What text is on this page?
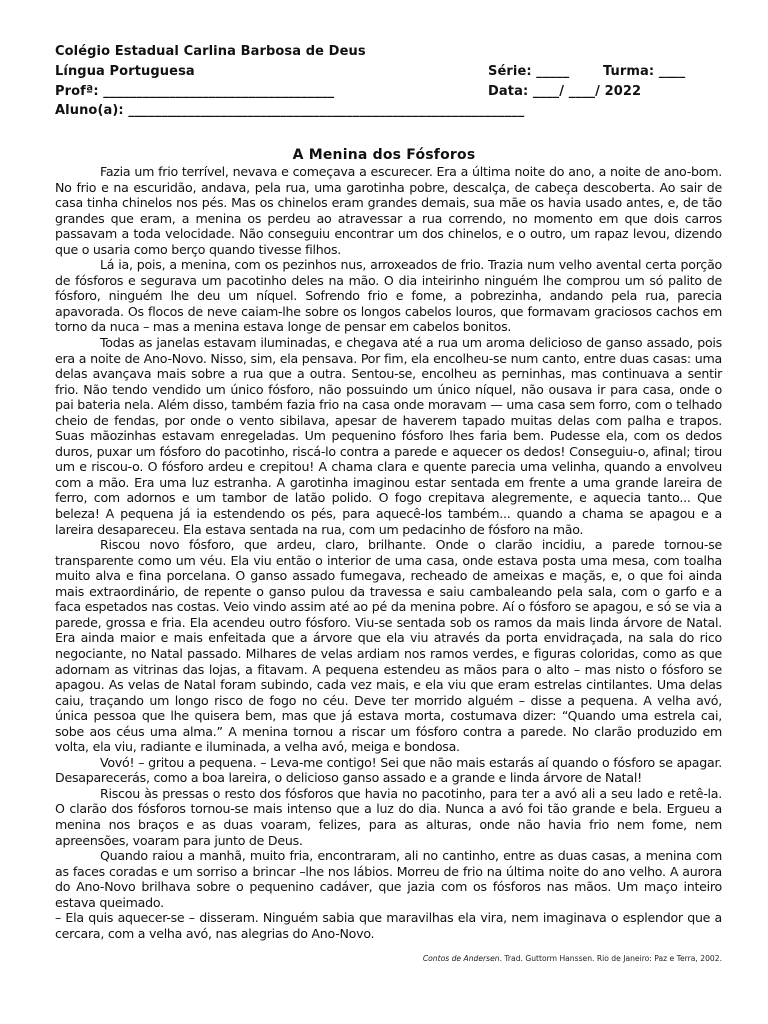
Colégio Estadual Carlina Barbosa de Deus
Língua Portuguesa	Série: _____	Turma: ____
Profª: ___________________________________	Data: ____/ ____/ 2022
Aluno(a): ____________________________________________________________
A Menina dos Fósforos

Fazia um frio terrível, nevava e começava a escurecer. Era a última noite do ano, a noite de ano-bom. No frio e na escuridão, andava, pela rua, uma garotinha pobre, descalça, de cabeça descoberta. Ao sair de casa tinha chinelos nos pés. Mas os chinelos eram grandes demais, sua mãe os havia usado antes, e, de tão grandes que eram, a menina os perdeu ao atravessar a rua correndo, no momento em que dois carros passavam a toda velocidade. Não conseguiu encontrar um dos chinelos, e o outro, um rapaz levou, dizendo que o usaria como berço quando tivesse filhos.

Lá ia, pois, a menina, com os pezinhos nus, arroxeados de frio. Trazia num velho avental certa porção de fósforos e segurava um pacotinho deles na mão. O dia inteirinho ninguém lhe comprou um só palito de fósforo, ninguém lhe deu um níquel. Sofrendo frio e fome, a pobrezinha, andando pela rua, parecia apavorada. Os flocos de neve caiam-lhe sobre os longos cabelos louros, que formavam graciosos cachos em torno da nuca – mas a menina estava longe de pensar em cabelos bonitos.

Todas as janelas estavam iluminadas, e chegava até a rua um aroma delicioso de ganso assado, pois era a noite de Ano-Novo. Nisso, sim, ela pensava. Por fim, ela encolheu-se num canto, entre duas casas: uma delas avançava mais sobre a rua que a outra. Sentou-se, encolheu as perninhas, mas continuava a sentir frio. Não tendo vendido um único fósforo, não possuindo um único níquel, não ousava ir para casa, onde o pai bateria nela. Além disso, também fazia frio na casa onde moravam — uma casa sem forro, com o telhado cheio de fendas, por onde o vento sibilava, apesar de haverem tapado muitas delas com palha e trapos. Suas mãozinhas estavam enregeladas. Um pequenino fósforo lhes faria bem. Pudesse ela, com os dedos duros, puxar um fósforo do pacotinho, riscá-lo contra a parede e aquecer os dedos! Conseguiu-o, afinal; tirou um e riscou-o. O fósforo ardeu e crepitou! A chama clara e quente parecia uma velinha, quando a envolveu com a mão. Era uma luz estranha. A garotinha imaginou estar sentada em frente a uma grande lareira de ferro, com adornos e um tambor de latão polido. O fogo crepitava alegremente, e aquecia tanto... Que beleza! A pequena já ia estendendo os pés, para aquecê-los também... quando a chama se apagou e a lareira desapareceu. Ela estava sentada na rua, com um pedacinho de fósforo na mão.

Riscou novo fósforo, que ardeu, claro, brilhante. Onde o clarão incidiu, a parede tornou-se transparente como um véu. Ela viu então o interior de uma casa, onde estava posta uma mesa, com toalha muito alva e fina porcelana. O ganso assado fumegava, recheado de ameixas e maçãs, e, o que foi ainda mais extraordinário, de repente o ganso pulou da travessa e saiu cambaleando pela sala, com o garfo e a faca espetados nas costas. Veio vindo assim até ao pé da menina pobre. Aí o fósforo se apagou, e só se via a parede, grossa e fria. Ela acendeu outro fósforo. Viu-se sentada sob os ramos da mais linda árvore de Natal. Era ainda maior e mais enfeitada que a árvore que ela viu através da porta envidraçada, na sala do rico negociante, no Natal passado. Milhares de velas ardiam nos ramos verdes, e figuras coloridas, como as que adornam as vitrinas das lojas, a fitavam. A pequena estendeu as mãos para o alto – mas nisto o fósforo se apagou. As velas de Natal foram subindo, cada vez mais, e ela viu que eram estrelas cintilantes. Uma delas caiu, traçando um longo risco de fogo no céu. Deve ter morrido alguém – disse a pequena. A velha avó, única pessoa que lhe quisera bem, mas que já estava morta, costumava dizer: “Quando uma estrela cai, sobe aos céus uma alma.” A menina tornou a riscar um fósforo contra a parede. No clarão produzido em volta, ela viu, radiante e iluminada, a velha avó, meiga e bondosa.

Vovó! – gritou a pequena. – Leva-me contigo! Sei que não mais estarás aí quando o fósforo se apagar. Desaparecerás, como a boa lareira, o delicioso ganso assado e a grande e linda árvore de Natal!

Riscou às pressas o resto dos fósforos que havia no pacotinho, para ter a avó ali a seu lado e retê-la. O clarão dos fósforos tornou-se mais intenso que a luz do dia. Nunca a avó foi tão grande e bela. Ergueu a menina nos braços e as duas voaram, felizes, para as alturas, onde não havia frio nem fome, nem apreensões, voaram para junto de Deus.

Quando raiou a manhã, muito fria, encontraram, ali no cantinho, entre as duas casas, a menina com as faces coradas e um sorriso a brincar –lhe nos lábios. Morreu de frio na última noite do ano velho. A aurora do Ano-Novo brilhava sobre o pequenino cadáver, que jazia com os fósforos nas mãos. Um maço inteiro estava queimado.

– Ela quis aquecer-se – disseram. Ninguém sabia que maravilhas ela vira, nem imaginava o esplendor que a cercara, com a velha avó, nas alegrias do Ano-Novo.

Contos de Andersen. Trad. Guttorm Hanssen. Rio de Janeiro: Paz e Terra, 2002.
